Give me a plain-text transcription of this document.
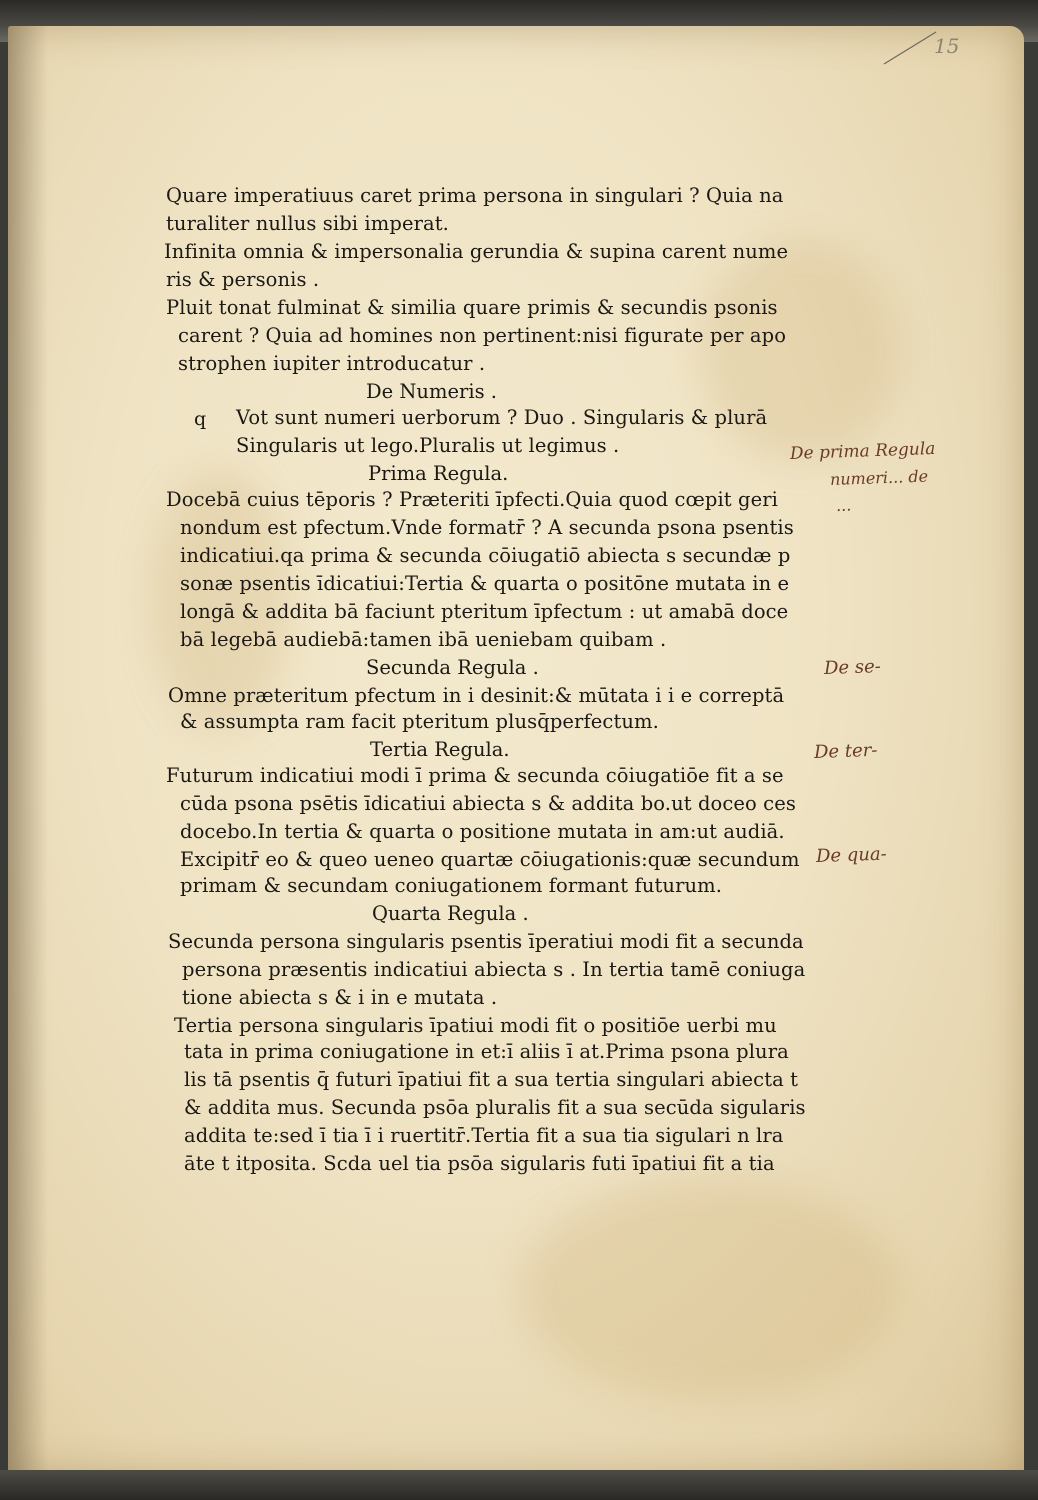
15
Quare imperatiuus caret prima persona in singulari ? Quia na
turaliter nullus sibi imperat.
Infinita omnia & impersonalia gerundia & supina carent nume
ris & personis .
Pluit tonat fulminat & similia quare primis & secundis psonis
carent ? Quia ad homines non pertinent:nisi figurate per apo
strophen iupiter introducatur .
De Numeris .
q Vot sunt numeri uerborum ? Duo . Singularis & plurā
Singularis ut lego.Pluralis ut legimus .
Prima Regula.
Docebā cuius tēporis ? Præteriti īpfecti.Quia quod cœpit geri
nondum est pfectum.Vnde formatr̄ ? A secunda psona psentis
indicatiui.qa prima & secunda cōiugatiō abiecta s secundæ p
sonæ psentis īdicatiui:Tertia & quarta o positōne mutata in e
longā & addita bā faciunt pteritum īpfectum : ut amabā doce
bā legebā audiebā:tamen ibā ueniebam quibam .
Secunda Regula .
Omne præteritum pfectum in i desinit:& mūtata i i e correptā
& assumpta ram facit pteritum plusq̄perfectum.
Tertia Regula.
Futurum indicatiui modi ī prima & secunda cōiugatiōe fit a se
cūda psona psētis īdicatiui abiecta s & addita bo.ut doceo ces
docebo.In tertia & quarta o positione mutata in am:ut audiā.
Excipitr̄ eo & queo ueneo quartæ cōiugationis:quæ secundum
primam & secundam coniugationem formant futurum.
Quarta Regula .
Secunda persona singularis psentis īperatiui modi fit a secunda
persona præsentis indicatiui abiecta s . In tertia tamē coniuga
tione abiecta s & i in e mutata .
Tertia persona singularis īpatiui modi fit o positiōe uerbi mu
tata in prima coniugatione in et:ī aliis ī at.Prima psona plura
lis tā psentis q̄ futuri īpatiui fit a sua tertia singulari abiecta t
& addita mus. Secunda psōa pluralis fit a sua secūda sigularis
addita te:sed ī tia ī i ruertitr̄.Tertia fit a sua tia sigulari n lra
āte t itposita. Scda uel tia psōa sigularis futi īpatiui fit a tia
De prima Regula
numeri... de
...
De se-
De ter-
De qua-
